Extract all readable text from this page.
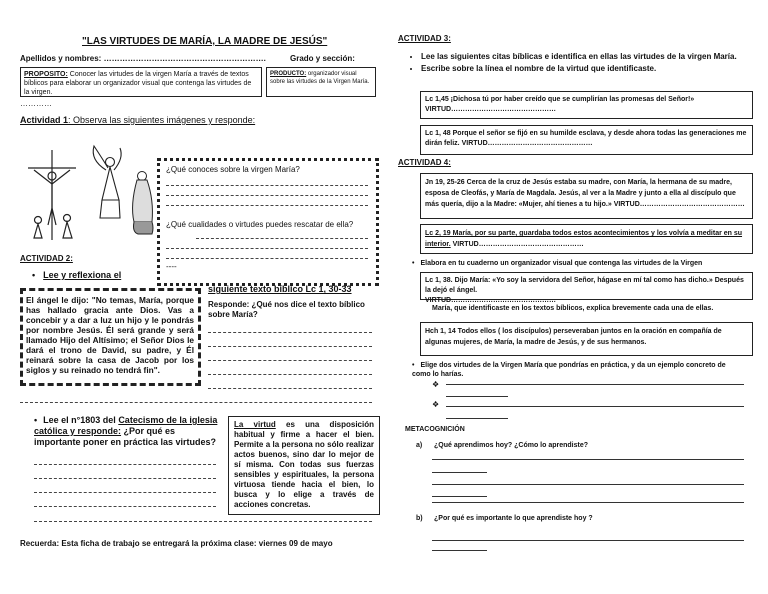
"LAS VIRTUDES DE MARÍA, LA MADRE DE JESÚS"
Apellidos y nombres: …………………………………………………….	Grado y sección:
PROPOSITO: Conocer las virtudes de la virgen María a través de textos bíblicos para elaborar un organizador visual que contenga las virtudes de la virgen.
PRODUCTO: organizador visual sobre las virtudes de la Virgen María.
…………
Actividad 1: Observa las siguientes imágenes y responde:
¿Qué conoces sobre la virgen María?
¿Qué cualidades o virtudes puedes rescatar de ella?
----
ACTIVIDAD 2:
• Lee y reflexiona el
siguiente texto bíblico Lc 1, 30-33
El ángel le dijo: "No temas, María, porque has hallado gracia ante Dios. Vas a concebir y a dar a luz un hijo y le pondrás por nombre Jesús. Él será grande y será llamado Hijo del Altísimo; el Señor Dios le dará el trono de David, su padre, y Él reinará sobre la casa de Jacob por los siglos y su reinado no tendrá fin".
Responde: ¿Qué nos dice el texto bíblico sobre María?
• Lee el n°1803 del Catecismo de la iglesia católica y responde: ¿Por qué es importante poner en práctica las virtudes?
La virtud es una disposición habitual y firme a hacer el bien. Permite a la persona no sólo realizar actos buenos, sino dar lo mejor de sí misma. Con todas sus fuerzas sensibles y espirituales, la persona virtuosa tiende hacia el bien, lo busca y lo elige a través de acciones concretas.
Recuerda: Esta ficha de trabajo se entregará la próxima clase: viernes 09 de mayo
ACTIVIDAD 3:
• Lee las siguientes citas bíblicas e identifica en ellas las virtudes de la virgen María.
• Escribe sobre la línea el nombre de la virtud que identificaste.
Lc 1,45 ¡Dichosa tú por haber creído que se cumplirían las promesas del Señor!»
VIRTUD………………………………………
Lc 1, 48 Porque el señor se fijó en su humilde esclava, y desde ahora todas las generaciones me dirán feliz. VIRTUD………………………………………
ACTIVIDAD 4:
Jn 19, 25-26 Cerca de la cruz de Jesús estaba su madre, con María, la hermana de su madre, esposa de Cleofás, y María de Magdala. Jesús, al ver a la Madre y junto a ella al discípulo que más quería, dijo a la Madre: «Mujer, ahí tienes a tu hijo.» VIRTUD………………………………………
Lc 2, 19 María, por su parte, guardaba todos estos acontecimientos y los volvía a meditar en su interior. VIRTUD………………………………………
• Elabora en tu cuaderno un organizador visual que contenga las virtudes de la Virgen
Lc 1, 38. Dijo María: «Yo soy la servidora del Señor, hágase en mí tal como has dicho.» Después la dejó el ángel.
VIRTUD………………………………………
María, que identificaste en los textos bíblicos, explica brevemente cada una de ellas.
Hch 1, 14 Todos ellos ( los discípulos) perseveraban juntos en la oración en compañía de algunas mujeres, de María, la madre de Jesús, y de sus hermanos.
• Elige dos virtudes de la Virgen María que pondrías en práctica, y da un ejemplo concreto de como lo harías.
❖
❖
METACOGNICIÓN
a) ¿Qué aprendimos hoy? ¿Cómo lo aprendiste?
b) ¿Por qué es importante lo que aprendiste hoy ?
